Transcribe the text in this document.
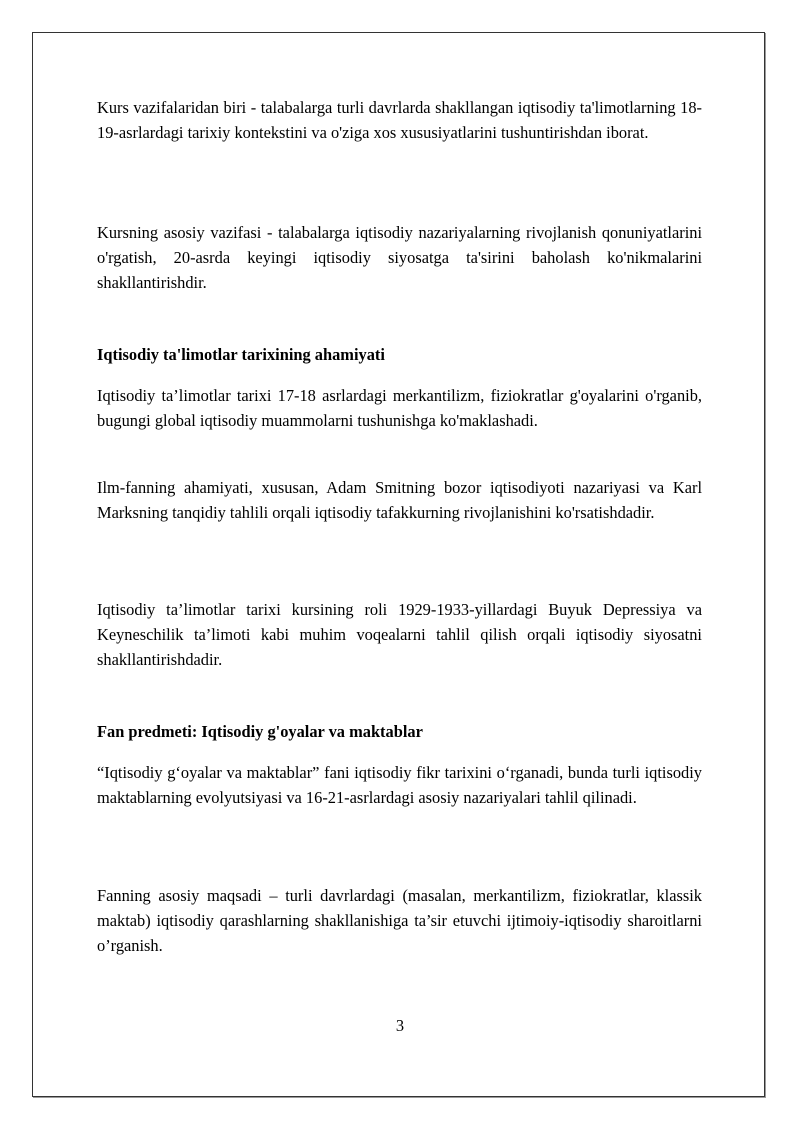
Kurs vazifalaridan biri - talabalarga turli davrlarda shakllangan iqtisodiy ta'limotlarning 18-19-asrlardagi tarixiy kontekstini va o'ziga xos xususiyatlarini tushuntirishdan iborat.

Kursning asosiy vazifasi - talabalarga iqtisodiy nazariyalarning rivojlanish qonuniyatlarini o'rgatish, 20-asrda keyingi iqtisodiy siyosatga ta'sirini baholash ko'nikmalarini shakllantirishdir.

Iqtisodiy ta'limotlar tarixining ahamiyati

Iqtisodiy ta’limotlar tarixi 17-18 asrlardagi merkantilizm, fiziokratlar g'oyalarini o'rganib, bugungi global iqtisodiy muammolarni tushunishga ko'maklashadi.

Ilm-fanning ahamiyati, xususan, Adam Smitning bozor iqtisodiyoti nazariyasi va Karl Marksning tanqidiy tahlili orqali iqtisodiy tafakkurning rivojlanishini ko'rsatishdadir.

Iqtisodiy ta’limotlar tarixi kursining roli 1929-1933-yillardagi Buyuk Depressiya va Keyneschilik ta’limoti kabi muhim voqealarni tahlil qilish orqali iqtisodiy siyosatni shakllantirishdadir.

Fan predmeti: Iqtisodiy g'oyalar va maktablar

“Iqtisodiy g‘oyalar va maktablar” fani iqtisodiy fikr tarixini o‘rganadi, bunda turli iqtisodiy maktablarning evolyutsiyasi va 16-21-asrlardagi asosiy nazariyalari tahlil qilinadi.

Fanning asosiy maqsadi – turli davrlardagi (masalan, merkantilizm, fiziokratlar, klassik maktab) iqtisodiy qarashlarning shakllanishiga ta’sir etuvchi ijtimoiy-iqtisodiy sharoitlarni o’rganish.

3
